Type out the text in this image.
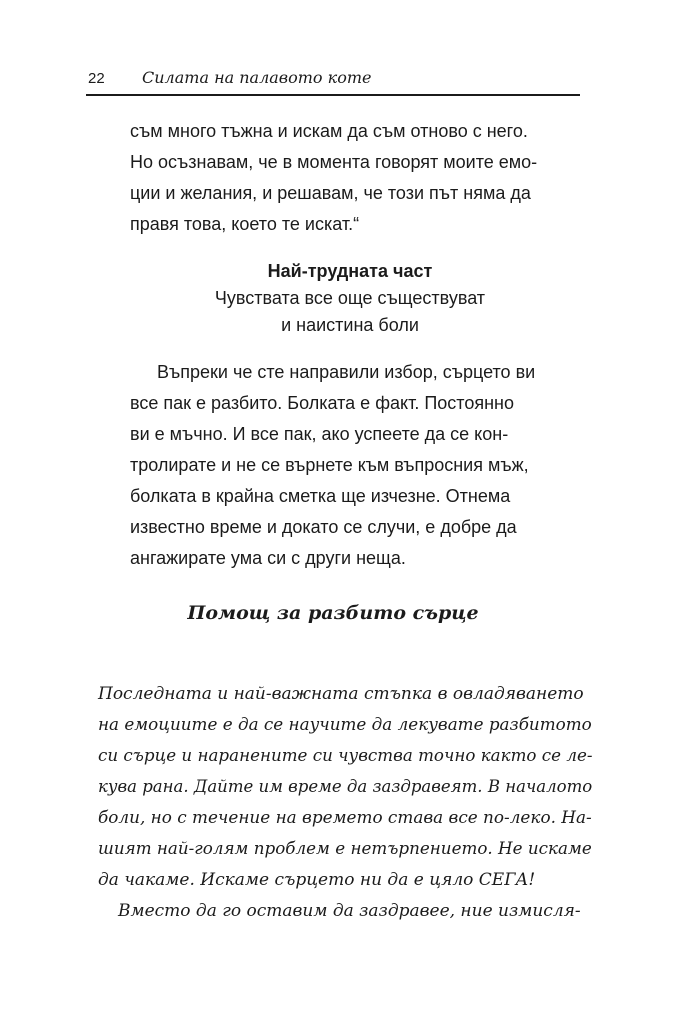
22 Силата на палавото коте

съм много тъжна и искам да съм отново с него.

Но осъзнавам, че в момента говорят моите емо-

ции и желания, и решавам, че този път няма да

правя това, което те искат.“

Най-трудната част

Чувствата все още съществуват

и наистина боли

Въпреки че сте направили избор, сърцето ви

все пак е разбито. Болката е факт. Постоянно

ви е мъчно. И все пак, ако успеете да се кон-

тролирате и не се върнете към въпросния мъж,

болката в крайна сметка ще изчезне. Отнема

известно време и докато се случи, е добре да

ангажирате ума си с други неща.

Помощ за разбито сърце

Последната и най-важната стъпка в овладяването

на емоциите е да се научите да лекувате разбитото

си сърце и наранените си чувства точно както се ле-

кува рана. Дайте им време да заздравеят. В началото

боли, но с течение на времето става все по-леко. На-

шият най-голям проблем е нетърпението. Не искаме

да чакаме. Искаме сърцето ни да е цяло СЕГА!

Вместо да го оставим да заздравее, ние измисля-
